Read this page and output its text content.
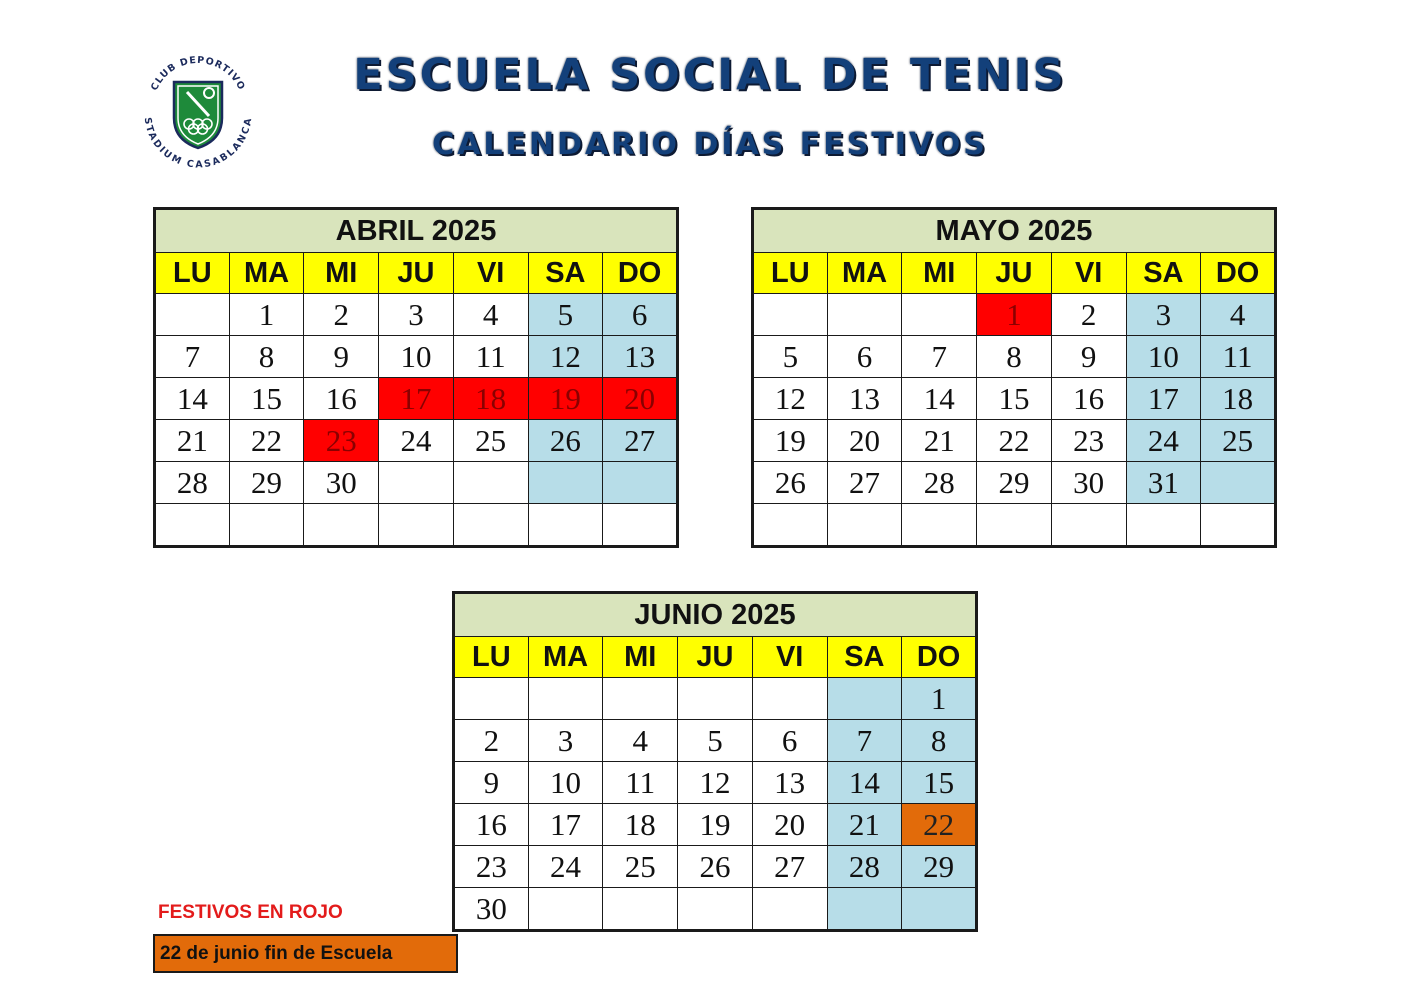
ESCUELA SOCIAL DE TENIS
CALENDARIO DÍAS FESTIVOS
CLUB DEPORTIVO
STADIUM CASABLANCA
ABRIL 2025						
LU	MA	MI	JU	VI	SA	DO
	1	2	3	4	5	6
7	8	9	10	11	12	13
14	15	16	17	18	19	20
21	22	23	24	25	26	27
28	29	30				

MAYO 2025						
LU	MA	MI	JU	VI	SA	DO
			1	2	3	4
5	6	7	8	9	10	11
12	13	14	15	16	17	18
19	20	21	22	23	24	25
26	27	28	29	30	31	

JUNIO 2025						
LU	MA	MI	JU	VI	SA	DO
						1
2	3	4	5	6	7	8
9	10	11	12	13	14	15
16	17	18	19	20	21	22
23	24	25	26	27	28	29
30						
FESTIVOS EN ROJO
22 de junio fin de Escuela
